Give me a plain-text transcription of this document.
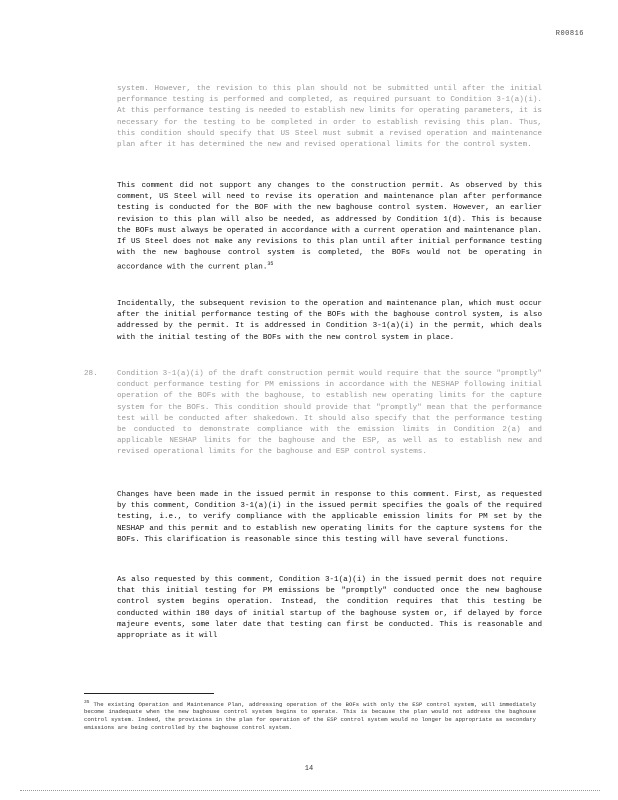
R00816

system. However, the revision to this plan should not be submitted until after the initial performance testing is performed and completed, as required pursuant to Condition 3-1(a)(i). At this performance testing is needed to establish new limits for operating parameters, it is necessary for the testing to be completed in order to establish revising this plan. Thus, this condition should specify that US Steel must submit a revised operation and maintenance plan after it has determined the new and revised operational limits for the control system.

This comment did not support any changes to the construction permit. As observed by this comment, US Steel will need to revise its operation and maintenance plan after performance testing is conducted for the BOF with the new baghouse control system. However, an earlier revision to this plan will also be needed, as addressed by Condition 1(d). This is because the BOFs must always be operated in accordance with a current operation and maintenance plan. If US Steel does not make any revisions to this plan until after initial performance testing with the new baghouse control system is completed, the BOFs would not be operating in accordance with the current plan.$^{35}$

Incidentally, the subsequent revision to the operation and maintenance plan, which must occur after the initial performance testing of the BOFs with the baghouse control system, is also addressed by the permit. It is addressed in Condition 3-1(a)(i) in the permit, which deals with the initial testing of the BOFs with the new control system in place.

28.	Condition 3-1(a)(i) of the draft construction permit would require that the source "promptly" conduct performance testing for PM emissions in accordance with the NESHAP following initial operation of the BOFs with the baghouse, to establish new operating limits for the capture system for the BOFs. This condition should provide that "promptly" mean that the performance test will be conducted after shakedown. It should also specify that the performance testing be conducted to demonstrate compliance with the emission limits in Condition 2(a) and applicable NESHAP limits for the baghouse and the ESP, as well as to establish new and revised operational limits for the baghouse and ESP control systems.

Changes have been made in the issued permit in response to this comment. First, as requested by this comment, Condition 3-1(a)(i) in the issued permit specifies the goals of the required testing, i.e., to verify compliance with the applicable emission limits for PM set by the NESHAP and this permit and to establish new operating limits for the capture systems for the BOFs. This clarification is reasonable since this testing will have several functions.

As also requested by this comment, Condition 3-1(a)(i) in the issued permit does not require that this initial testing for PM emissions be "promptly" conducted once the new baghouse control system begins operation. Instead, the condition requires that this testing be conducted within 180 days of initial startup of the baghouse system or, if delayed by force majeure events, some later date that testing can first be conducted. This is reasonable and appropriate as it will

$^{35}$ The existing Operation and Maintenance Plan, addressing operation of the BOFs with only the ESP control system, will immediately become inadequate when the new baghouse control system begins to operate. This is because the plan would not address the baghouse control system. Indeed, the provisions in the plan for operation of the ESP control system would no longer be appropriate as secondary emissions are being controlled by the baghouse control system.

14
